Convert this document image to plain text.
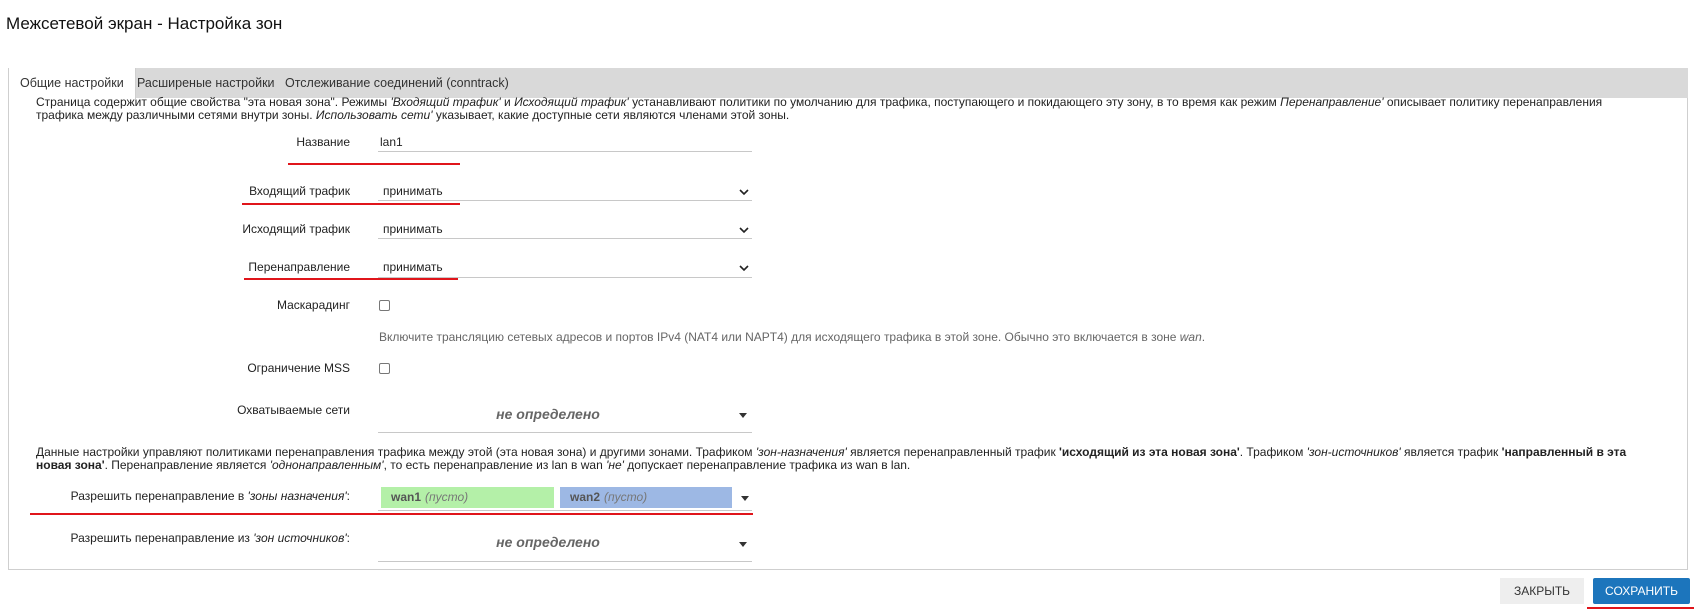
Межсетевой экран - Настройка зон
Общие настройки	Расширеные настройки Отслеживание соединений (conntrack)
Страница содержит общие свойства "эта новая зона". Режимы 'Входящий трафик' и Исходящий трафик' устанавливают политики по умолчанию для трафика, поступающего и покидающего эту зону, в то время как режим Перенаправление' описывает политику перенаправления
трафика между различными сетями внутри зоны. Использовать сети' указывает, какие доступные сети являются членами этой зоны.
Название	lan1
Входящий трафик	принимать
Исходящий трафик	принимать
Перенаправление	принимать
Маскарадинг
Включите трансляцию сетевых адресов и портов IPv4 (NAT4 или NAPT4) для исходящего трафика в этой зоне. Обычно это включается в зоне wan.
Ограничение MSS
Охватываемые сети	не определено
Данные настройки управляют политиками перенаправления трафика между этой (эта новая зона) и другими зонами. Трафиком 'зон-назначения' является перенаправленный трафик 'исходящий из эта новая зона'. Трафиком 'зон-источников' является трафик 'направленный в эта
новая зона'. Перенаправление является 'однонаправленным', то есть перенаправление из lan в wan 'не' допускает перенаправление трафика из wan в lan.
Разрешить перенаправление в 'зоны назначения':	wan1 (пусто)	wan2 (пусто)
Разрешить перенаправление из 'зон источников':	не определено
ЗАКРЫТЬ	СОХРАНИТЬ
